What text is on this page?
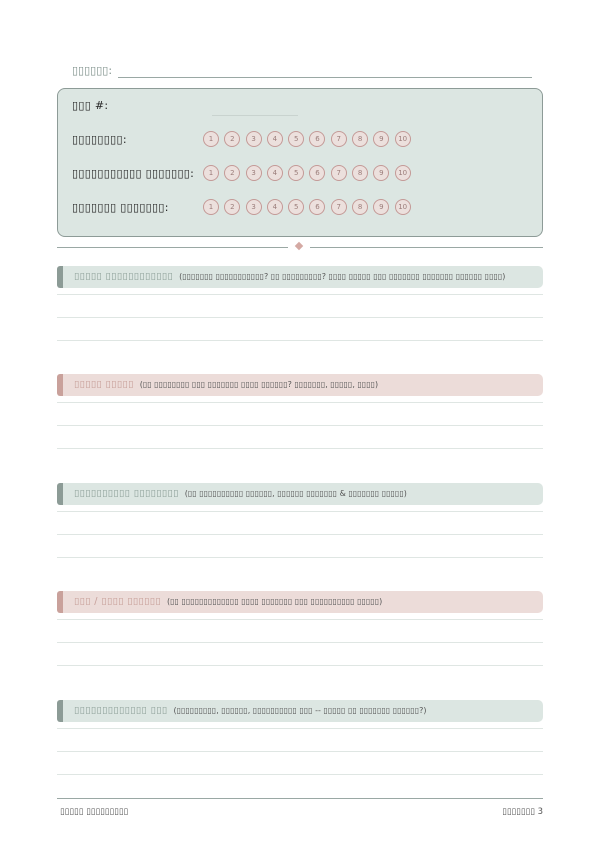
▯▯▯▯▯▯:
▯▯▯ #:
▯▯▯▯▯▯▯▯:	1	2	3	4	5	6	7	8	9	10
▯▯▯▯▯▯▯▯▯▯▯ ▯▯▯▯▯▯▯:	1	2	3	4	5	6	7	8	9	10
▯▯▯▯▯▯▯ ▯▯▯▯▯▯▯:	1	2	3	4	5	6	7	8	9	10
▯▯▯▯▯ ▯▯▯▯▯▯▯▯▯▯▯▯ (▯▯▯▯▯▯▯ ▯▯▯▯▯▯▯▯▯▯▯? ▯▯ ▯▯▯▯▯▯▯▯▯? ▯▯▯▯ ▯▯▯▯▯ ▯▯▯ ▯▯▯▯▯▯▯ ▯▯▯▯▯▯▯ ▯▯▯▯▯▯ ▯▯▯▯)
▯▯▯▯▯ ▯▯▯▯▯ (▯▯ ▯▯▯▯▯▯▯▯ ▯▯▯ ▯▯▯▯▯▯▯ ▯▯▯▯ ▯▯▯▯▯▯? ▯▯▯▯▯▯▯, ▯▯▯▯▯, ▯▯▯▯)
▯▯▯▯▯▯▯▯▯▯ ▯▯▯▯▯▯▯▯ (▯▯ ▯▯▯▯▯▯▯▯▯▯ ▯▯▯▯▯▯, ▯▯▯▯▯▯ ▯▯▯▯▯▯▯ & ▯▯▯▯▯▯▯ ▯▯▯▯▯)
▯▯▯ / ▯▯▯▯ ▯▯▯▯▯▯ (▯▯ ▯▯▯▯▯▯▯▯▯▯▯▯▯ ▯▯▯▯ ▯▯▯▯▯▯▯ ▯▯▯ ▯▯▯▯▯▯▯▯▯▯ ▯▯▯▯▯)
▯▯▯▯▯▯▯▯▯▯▯▯▯ ▯▯▯ (▯▯▯▯▯▯▯▯▯, ▯▯▯▯▯▯, ▯▯▯▯▯▯▯▯▯▯ ▯▯▯ -- ▯▯▯▯▯ ▯▯ ▯▯▯▯▯▯▯ ▯▯▯▯▯▯?)
▯▯▯▯▯ ▯▯▯▯▯▯▯▯▯	▯▯▯▯▯▯▯ 3
